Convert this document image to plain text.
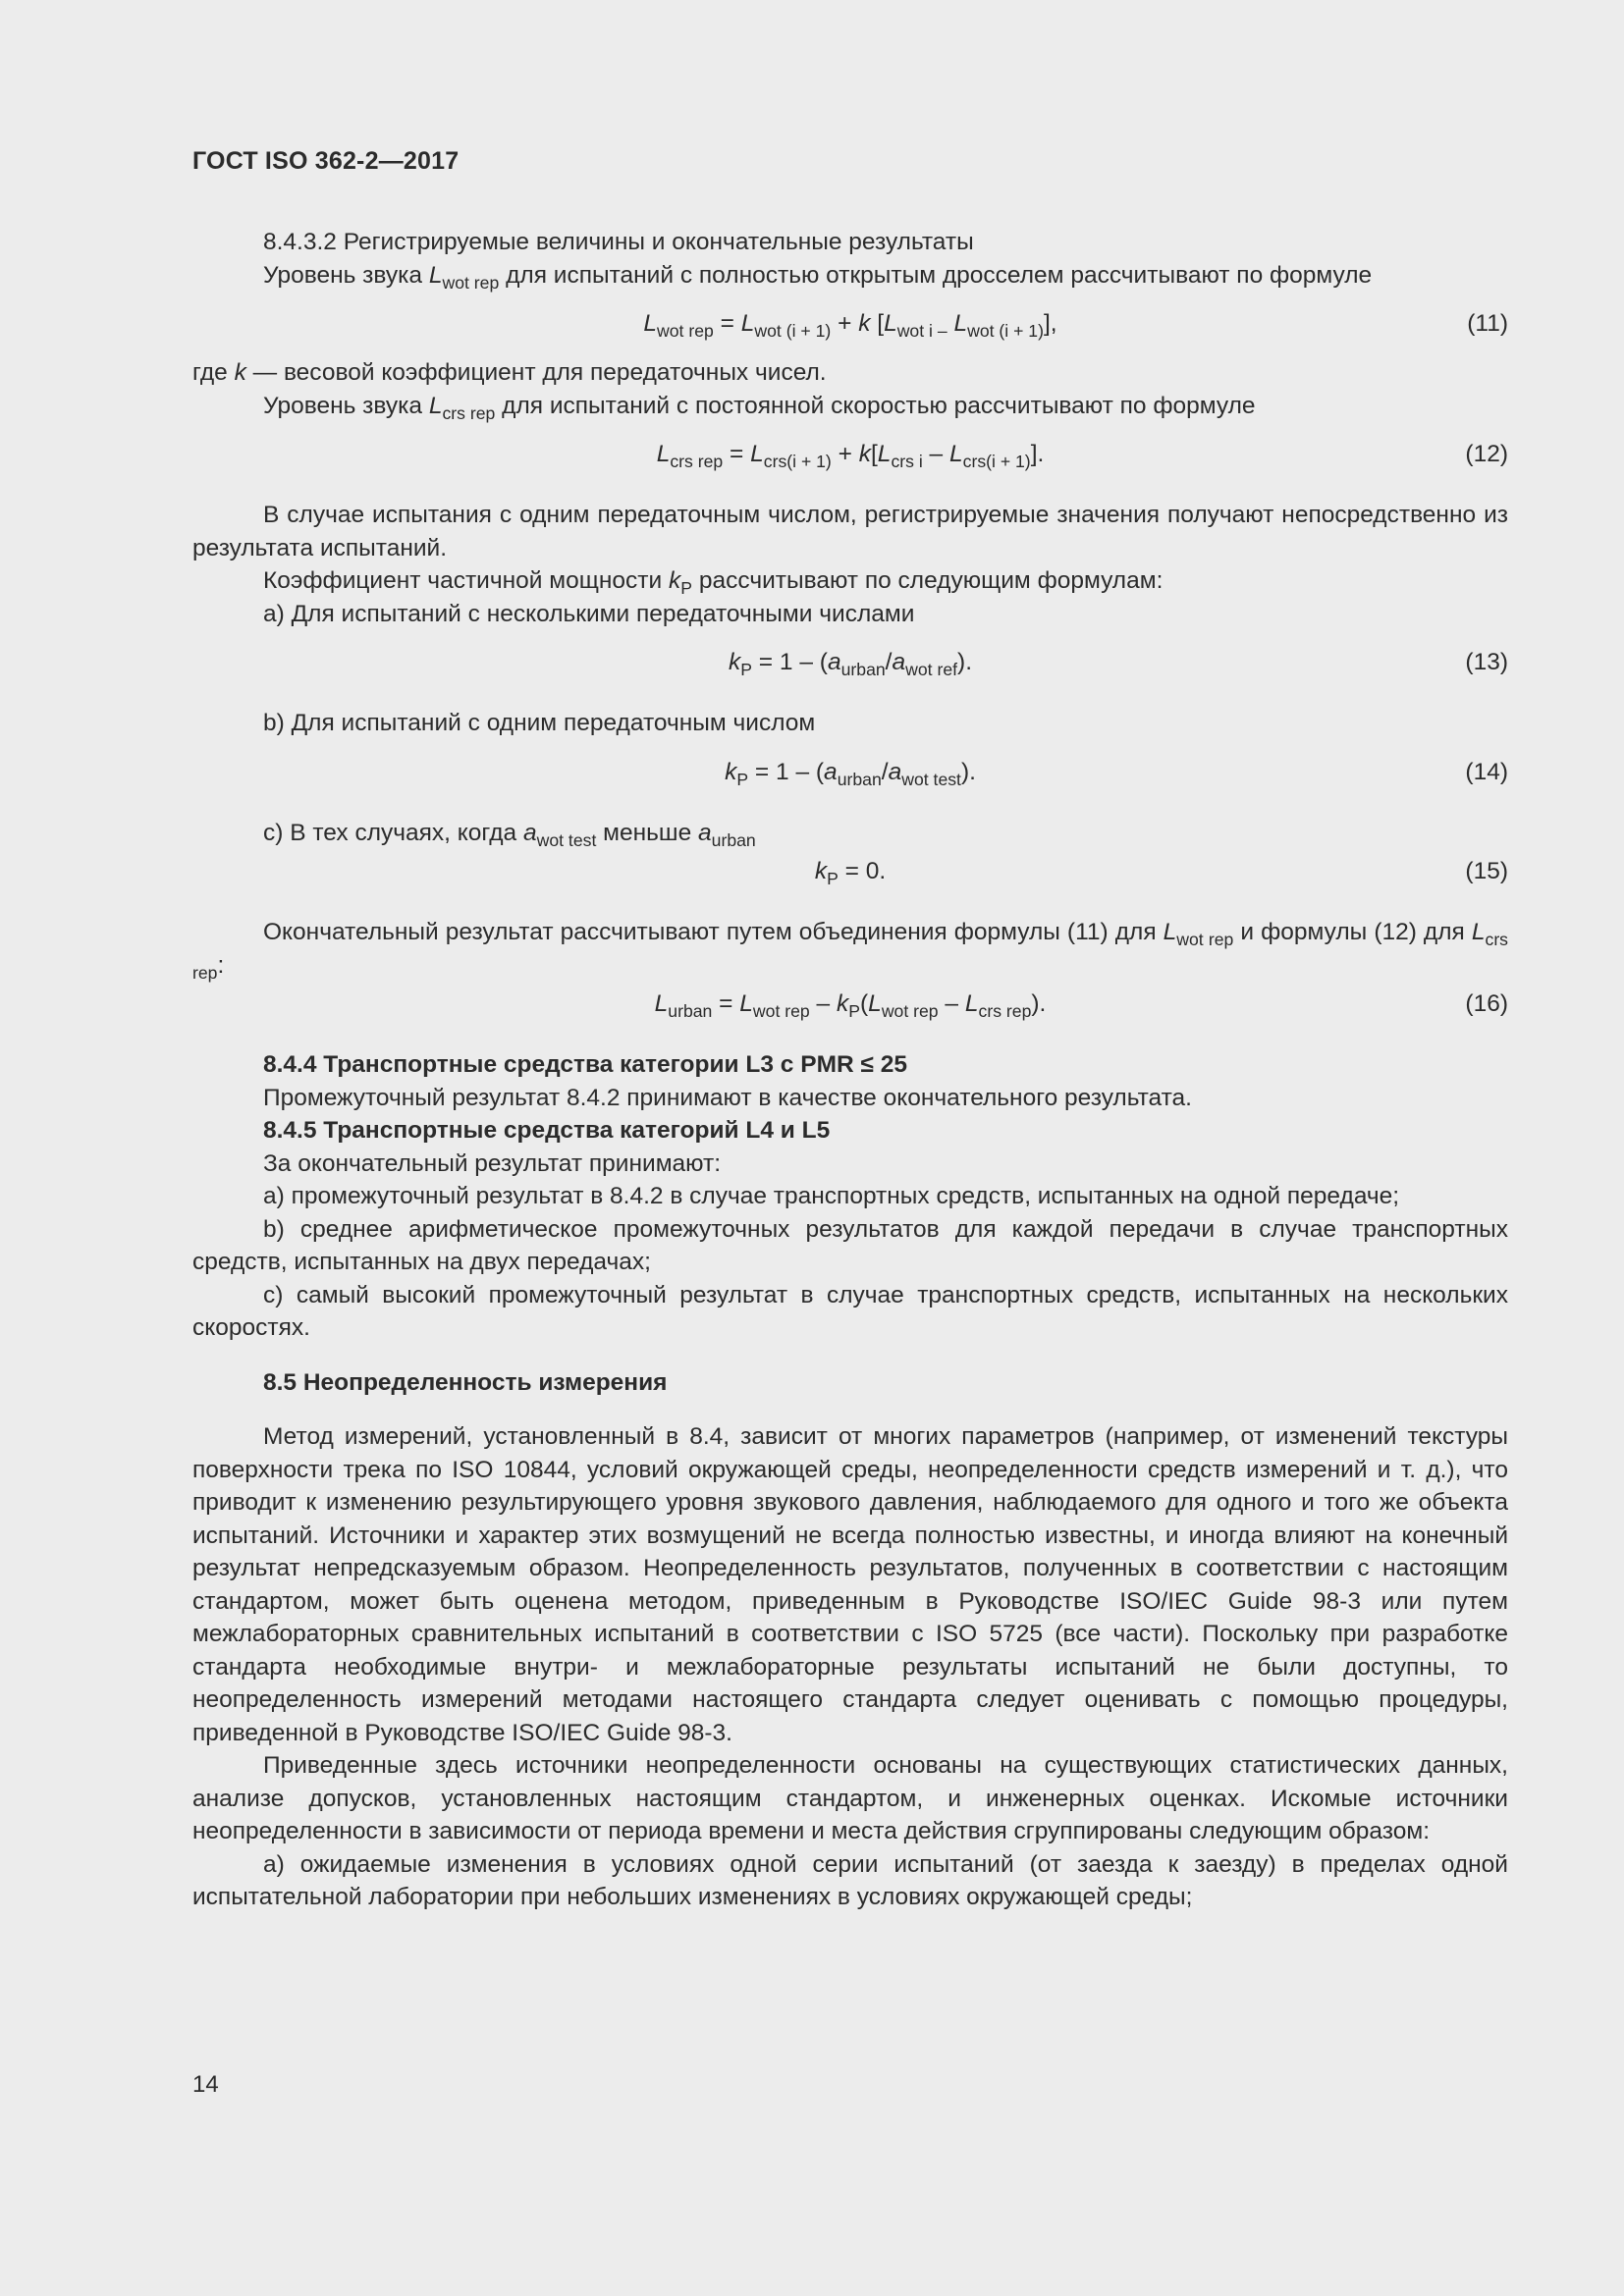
ГОСТ ISO 362-2—2017

8.4.3.2 Регистрируемые величины и окончательные результаты

Уровень звука $L_{wot rep}$ для испытаний с полностью открытым дросселем рассчитывают по формуле

$L_{wot rep} = L_{wot (i + 1)} + k$ [$L_{wot i -}$ $L_{wot (i + 1)}$],	(11)

где k — весовой коэффициент для передаточных чисел.

Уровень звука $L_{crs rep}$ для испытаний с постоянной скоростью рассчитывают по формуле

$L_{crs rep} = L_{crs(i + 1)} + k[L_{crs i} - L_{crs(i + 1)}]$.	(12)

В случае испытания с одним передаточным числом, регистрируемые значения получают непосредственно из результата испытаний.

Коэффициент частичной мощности $k_P$ рассчитывают по следующим формулам:

а) Для испытаний с несколькими передаточными числами

$k_P = 1 - (a_{urban}/a_{wot ref})$.	(13)

b) Для испытаний с одним передаточным числом

$k_P = 1 - (a_{urban}/a_{wot test})$.	(14)

c) В тех случаях, когда $a_{wot test}$ меньше $a_{urban}$

$k_P = 0$.	(15)

Окончательный результат рассчитывают путем объединения формулы (11) для $L_{wot rep}$ и формулы (12) для $L_{crs rep}$:

$L_{urban} = L_{wot rep} - k_P(L_{wot rep} - L_{crs rep})$.	(16)

8.4.4 Транспортные средства категории L3 с PMR ≤ 25

Промежуточный результат 8.4.2 принимают в качестве окончательного результата.

8.4.5 Транспортные средства категорий L4 и L5

За окончательный результат принимают:

а) промежуточный результат в 8.4.2 в случае транспортных средств, испытанных на одной передаче;

b) среднее арифметическое промежуточных результатов для каждой передачи в случае транспортных средств, испытанных на двух передачах;

c) самый высокий промежуточный результат в случае транспортных средств, испытанных на нескольких скоростях.

8.5 Неопределенность измерения

Метод измерений, установленный в 8.4, зависит от многих параметров (например, от изменений текстуры поверхности трека по ISO 10844, условий окружающей среды, неопределенности средств измерений и т. д.), что приводит к изменению результирующего уровня звукового давления, наблюдаемого для одного и того же объекта испытаний. Источники и характер этих возмущений не всегда полностью известны, и иногда влияют на конечный результат непредсказуемым образом. Неопределенность результатов, полученных в соответствии с настоящим стандартом, может быть оценена методом, приведенным в Руководстве ISO/IEC Guide 98-3 или путем межлабораторных сравнительных испытаний в соответствии с ISO 5725 (все части). Поскольку при разработке стандарта необходимые внутри- и межлабораторные результаты испытаний не были доступны, то неопределенность измерений методами настоящего стандарта следует оценивать с помощью процедуры, приведенной в Руководстве ISO/IEC Guide 98-3.

Приведенные здесь источники неопределенности основаны на существующих статистических данных, анализе допусков, установленных настоящим стандартом, и инженерных оценках. Искомые источники неопределенности в зависимости от периода времени и места действия сгруппированы следующим образом:

а) ожидаемые изменения в условиях одной серии испытаний (от заезда к заезду) в пределах одной испытательной лаборатории при небольших изменениях в условиях окружающей среды;

14
